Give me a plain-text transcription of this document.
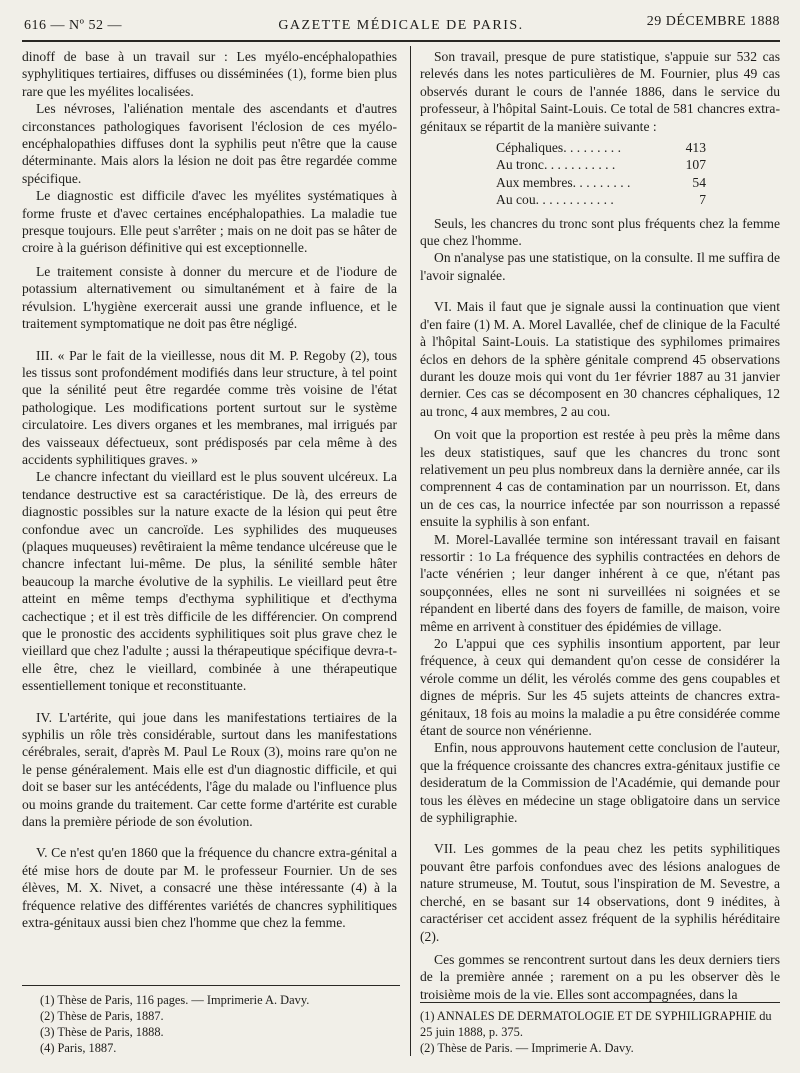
616 — Nº 52 —	GAZETTE MÉDICALE DE PARIS.	29 DÉCEMBRE 1888

dinoff de base à un travail sur : Les myélo-encéphalopathies syphylitiques tertiaires, diffuses ou disséminées (1), forme bien plus rare que les myélites localisées.

Les névroses, l'aliénation mentale des ascendants et d'autres circonstances pathologiques favorisent l'éclosion de ces myélo-encéphalopathies diffuses dont la syphilis peut n'être que la cause déterminante. Mais alors la lésion ne doit pas être regardée comme spécifique.

Le diagnostic est difficile d'avec les myélites systématiques à forme fruste et d'avec certaines encéphalopathies. La maladie tue presque toujours. Elle peut s'arrêter ; mais on ne doit pas se hâter de croire à la guérison définitive qui est exceptionnelle.

Le traitement consiste à donner du mercure et de l'iodure de potassium alternativement ou simultanément et à faire de la révulsion. L'hygiène exercerait aussi une grande influence, et le traitement symptomatique ne doit pas être négligé.

III. « Par le fait de la vieillesse, nous dit M. P. Regoby (2), tous les tissus sont profondément modifiés dans leur structure, à tel point que la sénilité peut être regardée comme très voisine de l'état pathologique. Les modifications portent surtout sur le système circulatoire. Les divers organes et les membranes, mal irrigués par des vaisseaux défectueux, sont prédisposés par cela même à des accidents syphilitiques graves. »

Le chancre infectant du vieillard est le plus souvent ulcéreux. La tendance destructive est sa caractéristique. De là, des erreurs de diagnostic possibles sur la nature exacte de la lésion qui peut être confondue avec un cancroïde. Les syphilides des muqueuses (plaques muqueuses) revêtiraient la même tendance ulcéreuse que le chancre infectant lui-même. De plus, la sénilité semble hâter beaucoup la marche évolutive de la syphilis. Le vieillard peut être atteint en même temps d'ecthyma syphilitique et d'ecthyma cachectique ; et il est très difficile de les différencier. On comprend que le pronostic des accidents syphilitiques soit plus grave chez le vieillard que chez l'adulte ; aussi la thérapeutique spécifique devra-t-elle être, chez le vieillard, combinée à une thérapeutique essentiellement tonique et reconstituante.

IV. L'artérite, qui joue dans les manifestations tertiaires de la syphilis un rôle très considérable, surtout dans les manifestations cérébrales, serait, d'après M. Paul Le Roux (3), moins rare qu'on ne le pense généralement. Mais elle est d'un diagnostic difficile, et qui doit se baser sur les antécédents, l'âge du malade ou l'influence plus ou moins grande du traitement. Car cette forme d'artérite est curable dans la première période de son évolution.

V. Ce n'est qu'en 1860 que la fréquence du chancre extra-génital a été mise hors de doute par M. le professeur Fournier. Un de ses élèves, M. X. Nivet, a consacré une thèse intéressante (4) à la fréquence relative des différentes variétés de chancres syphilitiques extra-génitaux aussi bien chez l'homme que chez la femme.

(1) Thèse de Paris, 116 pages. — Imprimerie A. Davy.
(2) Thèse de Paris, 1887.
(3) Thèse de Paris, 1888.
(4) Paris, 1887.

Son travail, presque de pure statistique, s'appuie sur 532 cas relevés dans les notes particulières de M. Fournier, plus 49 cas observés durant le cours de l'année 1886, dans le service du professeur, à l'hôpital Saint-Louis. Ce total de 581 chancres extra-génitaux se répartit de la manière suivante :

Céphaliques. . . . . . . . .	413
Au tronc. . . . . . . . . . .	107
Aux membres. . . . . . . . .	54
Au cou. . . . . . . . . . . .	7

Seuls, les chancres du tronc sont plus fréquents chez la femme que chez l'homme.

On n'analyse pas une statistique, on la consulte. Il me suffira de l'avoir signalée.

VI. Mais il faut que je signale aussi la continuation que vient d'en faire (1) M. A. Morel Lavallée, chef de clinique de la Faculté à l'hôpital Saint-Louis. La statistique des syphilomes primaires éclos en dehors de la sphère génitale comprend 45 observations durant les douze mois qui vont du 1er février 1887 au 31 janvier dernier. Ces cas se décomposent en 30 chancres céphaliques, 12 au tronc, 4 aux membres, 2 au cou.

On voit que la proportion est restée à peu près la même dans les deux statistiques, sauf que les chancres du tronc sont relativement un peu plus nombreux dans la dernière année, car ils comprennent 4 cas de contamination par un nourrisson. Et, dans un de ces cas, la nourrice infectée par son nourrisson a repassé ensuite la syphilis à son enfant.

M. Morel-Lavallée termine son intéressant travail en faisant ressortir : 1o La fréquence des syphilis contractées en dehors de l'acte vénérien ; leur danger inhérent à ce que, n'étant pas soupçonnées, elles ne sont ni surveillées ni soignées et se répandent en liberté dans des foyers de famille, de maison, voire même en arrivent à constituer des épidémies de village.

2o L'appui que ces syphilis insontium apportent, par leur fréquence, à ceux qui demandent qu'on cesse de considérer la vérole comme un délit, les vérolés comme des gens coupables et dignes de mépris. Sur les 45 sujets atteints de chancres extra-génitaux, 18 fois au moins la maladie a pu être considérée comme étant de source non vénérienne.

Enfin, nous approuvons hautement cette conclusion de l'auteur, que la fréquence croissante des chancres extra-génitaux justifie ce desideratum de la Commission de l'Académie, qui demande pour tous les élèves en médecine un stage obligatoire dans un service de syphiligraphie.

VII. Les gommes de la peau chez les petits syphilitiques pouvant être parfois confondues avec des lésions analogues de nature strumeuse, M. Toutut, sous l'inspiration de M. Sevestre, a cherché, en se basant sur 14 observations, dont 9 inédites, à caractériser cet accident assez fréquent de la syphilis héréditaire (2).

Ces gommes se rencontrent surtout dans les deux derniers tiers de la première année ; rarement on a pu les observer dès le troisième mois de la vie. Elles sont accompagnées, dans la

(1) ANNALES DE DERMATOLOGIE ET DE SYPHILIGRAPHIE du 25 juin 1888, p. 375.
(2) Thèse de Paris. — Imprimerie A. Davy.
